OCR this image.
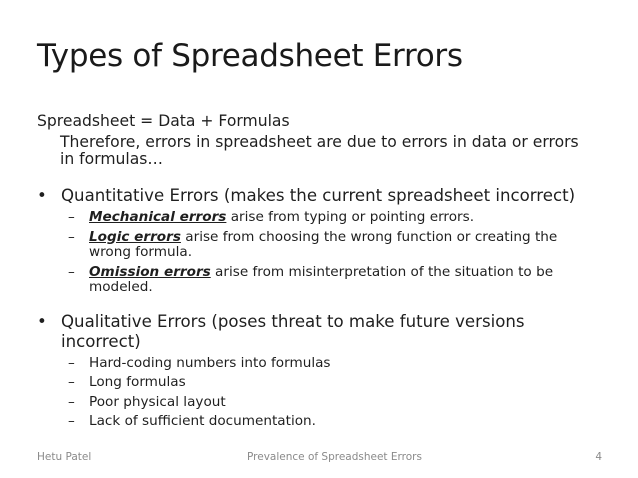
Types of Spreadsheet Errors
Spreadsheet = Data + Formulas
Therefore, errors in spreadsheet are due to errors in data or errors in formulas…
• Quantitative Errors (makes the current spreadsheet incorrect)
– Mechanical errors arise from typing or pointing errors.
– Logic errors arise from choosing the wrong function or creating the wrong formula.
– Omission errors arise from misinterpretation of the situation to be modeled.
• Qualitative Errors (poses threat to make future versions incorrect)
– Hard-coding numbers into formulas
– Long formulas
– Poor physical layout
– Lack of sufficient documentation.
Hetu Patel	Prevalence of Spreadsheet Errors	4
